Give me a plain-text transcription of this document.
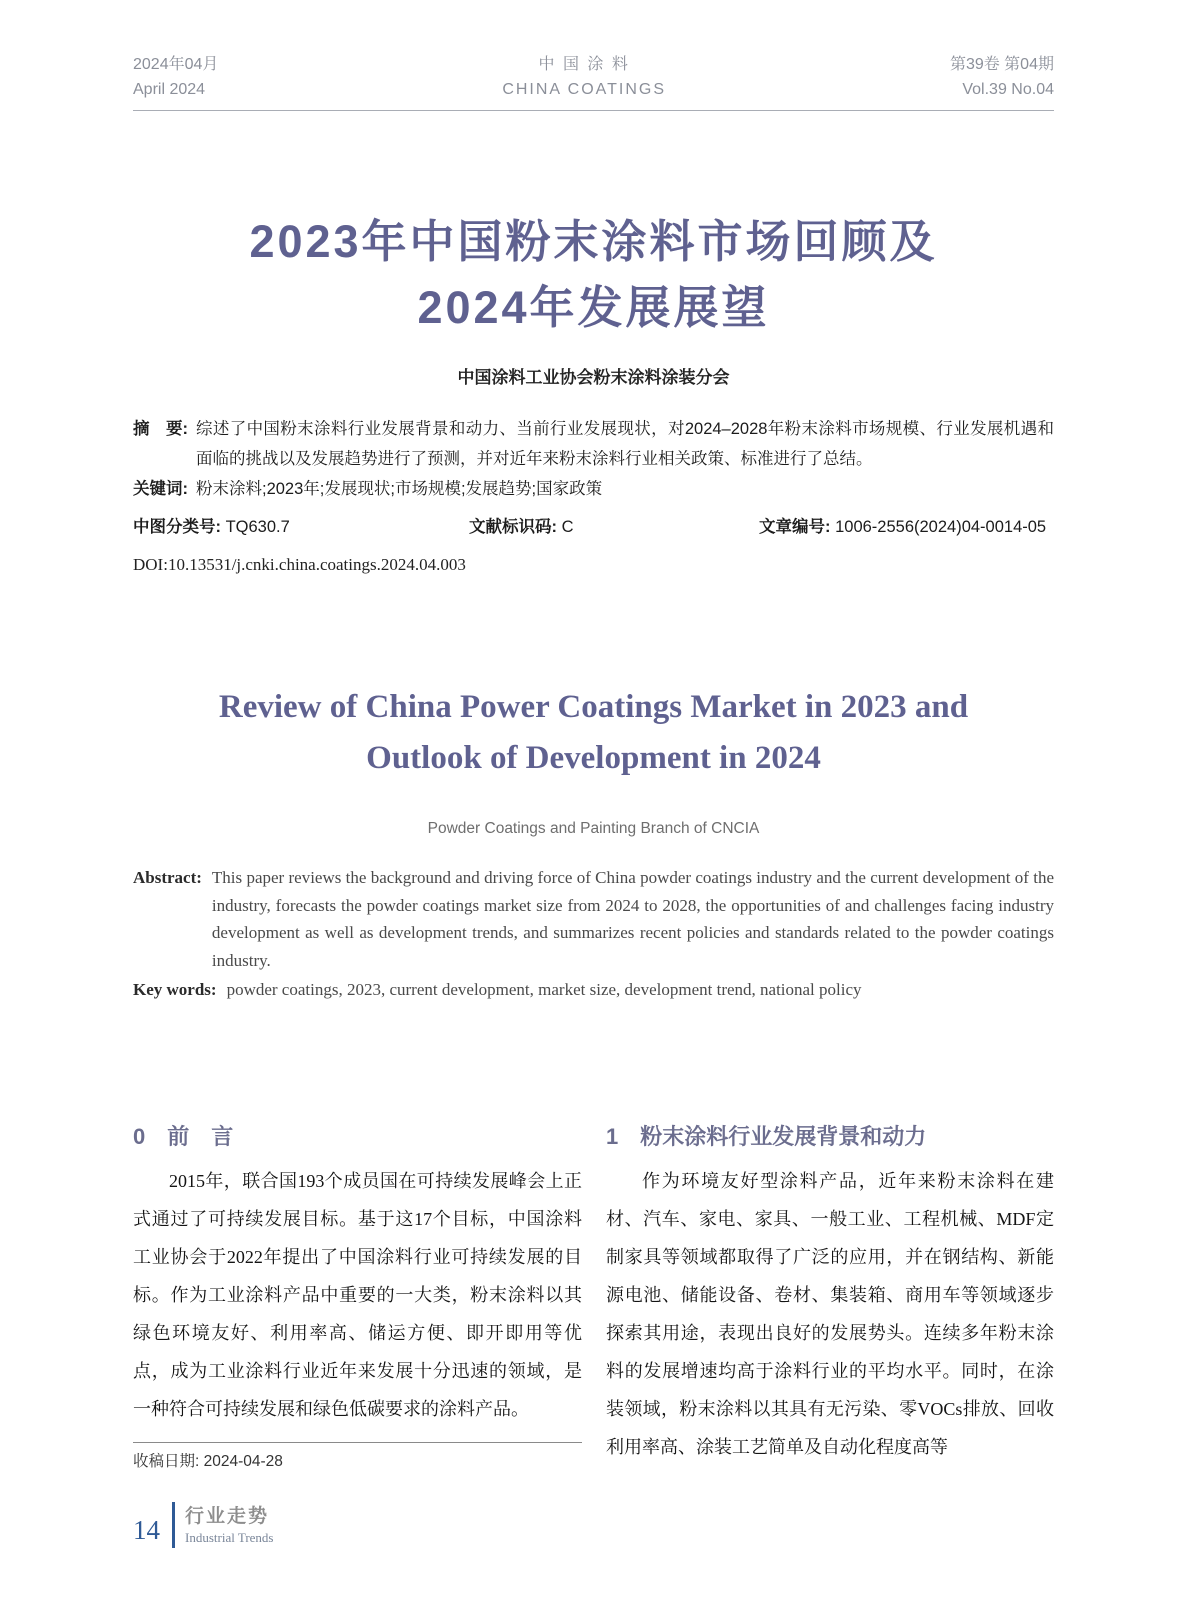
2024年04月
April 2024
中 国 涂 料
CHINA COATINGS
第39卷 第04期
Vol.39 No.04
2023年中国粉末涂料市场回顾及
2024年发展展望
中国涂料工业协会粉末涂料涂装分会
摘　要: 综述了中国粉末涂料行业发展背景和动力、当前行业发展现状，对2024–2028年粉末涂料市场规模、行业发展机遇和面临的挑战以及发展趋势进行了预测，并对近年来粉末涂料行业相关政策、标准进行了总结。
关键词: 粉末涂料;2023年;发展现状;市场规模;发展趋势;国家政策
中图分类号: TQ630.7	文献标识码: C	文章编号: 1006-2556(2024)04-0014-05
DOI:10.13531/j.cnki.china.coatings.2024.04.003
Review of China Power Coatings Market in 2023 and
Outlook of Development in 2024
Powder Coatings and Painting Branch of CNCIA
Abstract: This paper reviews the background and driving force of China powder coatings industry and the current development of the industry, forecasts the powder coatings market size from 2024 to 2028, the opportunities of and challenges facing industry development as well as development trends, and summarizes recent policies and standards related to the powder coatings industry.
Key words: powder coatings, 2023, current development, market size, development trend, national policy
0　前　言

2015年，联合国193个成员国在可持续发展峰会上正式通过了可持续发展目标。基于这17个目标，中国涂料工业协会于2022年提出了中国涂料行业可持续发展的目标。作为工业涂料产品中重要的一大类，粉末涂料以其绿色环境友好、利用率高、储运方便、即开即用等优点，成为工业涂料行业近年来发展十分迅速的领域，是一种符合可持续发展和绿色低碳要求的涂料产品。

收稿日期: 2024-04-28
1　粉末涂料行业发展背景和动力

作为环境友好型涂料产品，近年来粉末涂料在建材、汽车、家电、家具、一般工业、工程机械、MDF定制家具等领域都取得了广泛的应用，并在钢结构、新能源电池、储能设备、卷材、集装箱、商用车等领域逐步探索其用途，表现出良好的发展势头。连续多年粉末涂料的发展增速均高于涂料行业的平均水平。同时，在涂装领域，粉末涂料以其具有无污染、零VOCs排放、回收利用率高、涂装工艺简单及自动化程度高等

14	行业走势
Industrial Trends
